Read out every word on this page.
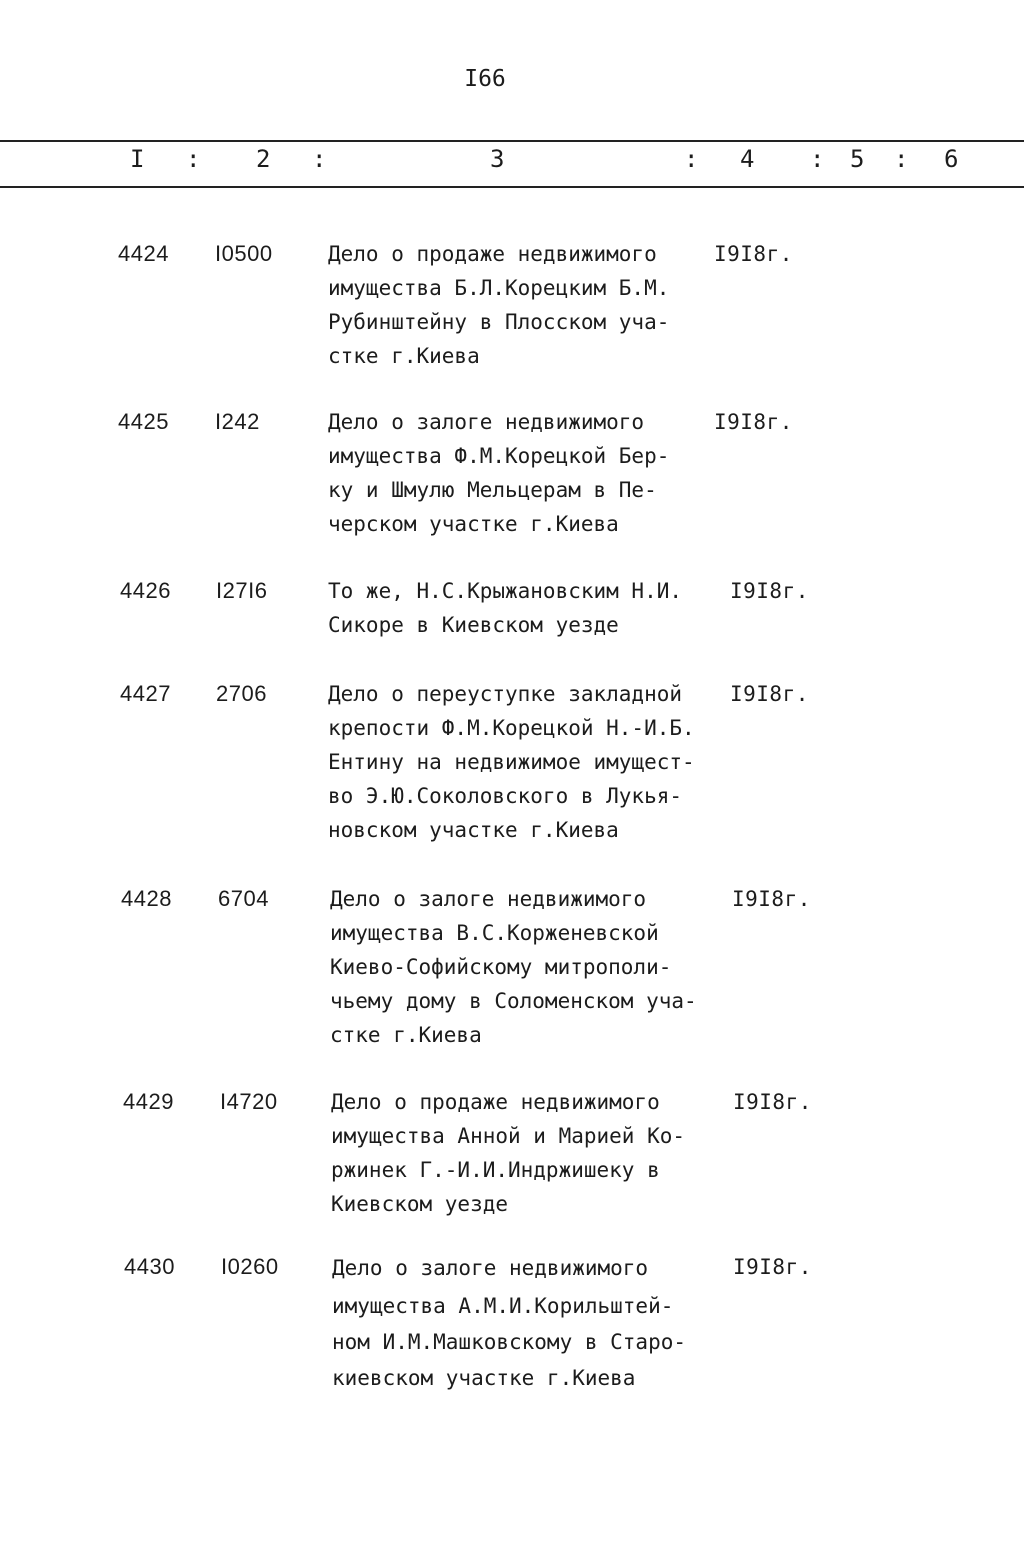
I66
I : 2 :	3	: 4 : 5 : 6
4424 I0500	Дело о продаже недвижимого
имущества Б.Л.Корецким Б.М.
Рубинштейну в Плосском уча-
стке г.Киева
I9I8г.
4425 I242	Дело о залоге недвижимого
имущества Ф.М.Корецкой Бер-
ку и Шмулю Мельцерам в Пе-
черском участке г.Киева
I9I8г.
4426 I27I6	То же, Н.С.Крыжановским Н.И.
Сикоре в Киевском уезде
I9I8г.
4427 2706	Дело о переуступке закладной
крепости Ф.М.Корецкой Н.-И.Б.
Ентину на недвижимое имущест-
во Э.Ю.Соколовского в Лукья-
новском участке г.Киева
I9I8г.
4428 6704	Дело о залоге недвижимого
имущества В.С.Корженевской
Киево-Софийскому митрополи-
чьему дому в Соломенском уча-
стке г.Киева
I9I8г.
4429 I4720	Дело о продаже недвижимого
имущества Анной и Марией Ко-
ржинек Г.-И.И.Индржишеку в
Киевском уезде
I9I8г.
4430 I0260	Дело о залоге недвижимого
имущества А.М.И.Корильштей-
ном И.М.Машковскому в Старо-
киевском участке г.Киева
I9I8г.
